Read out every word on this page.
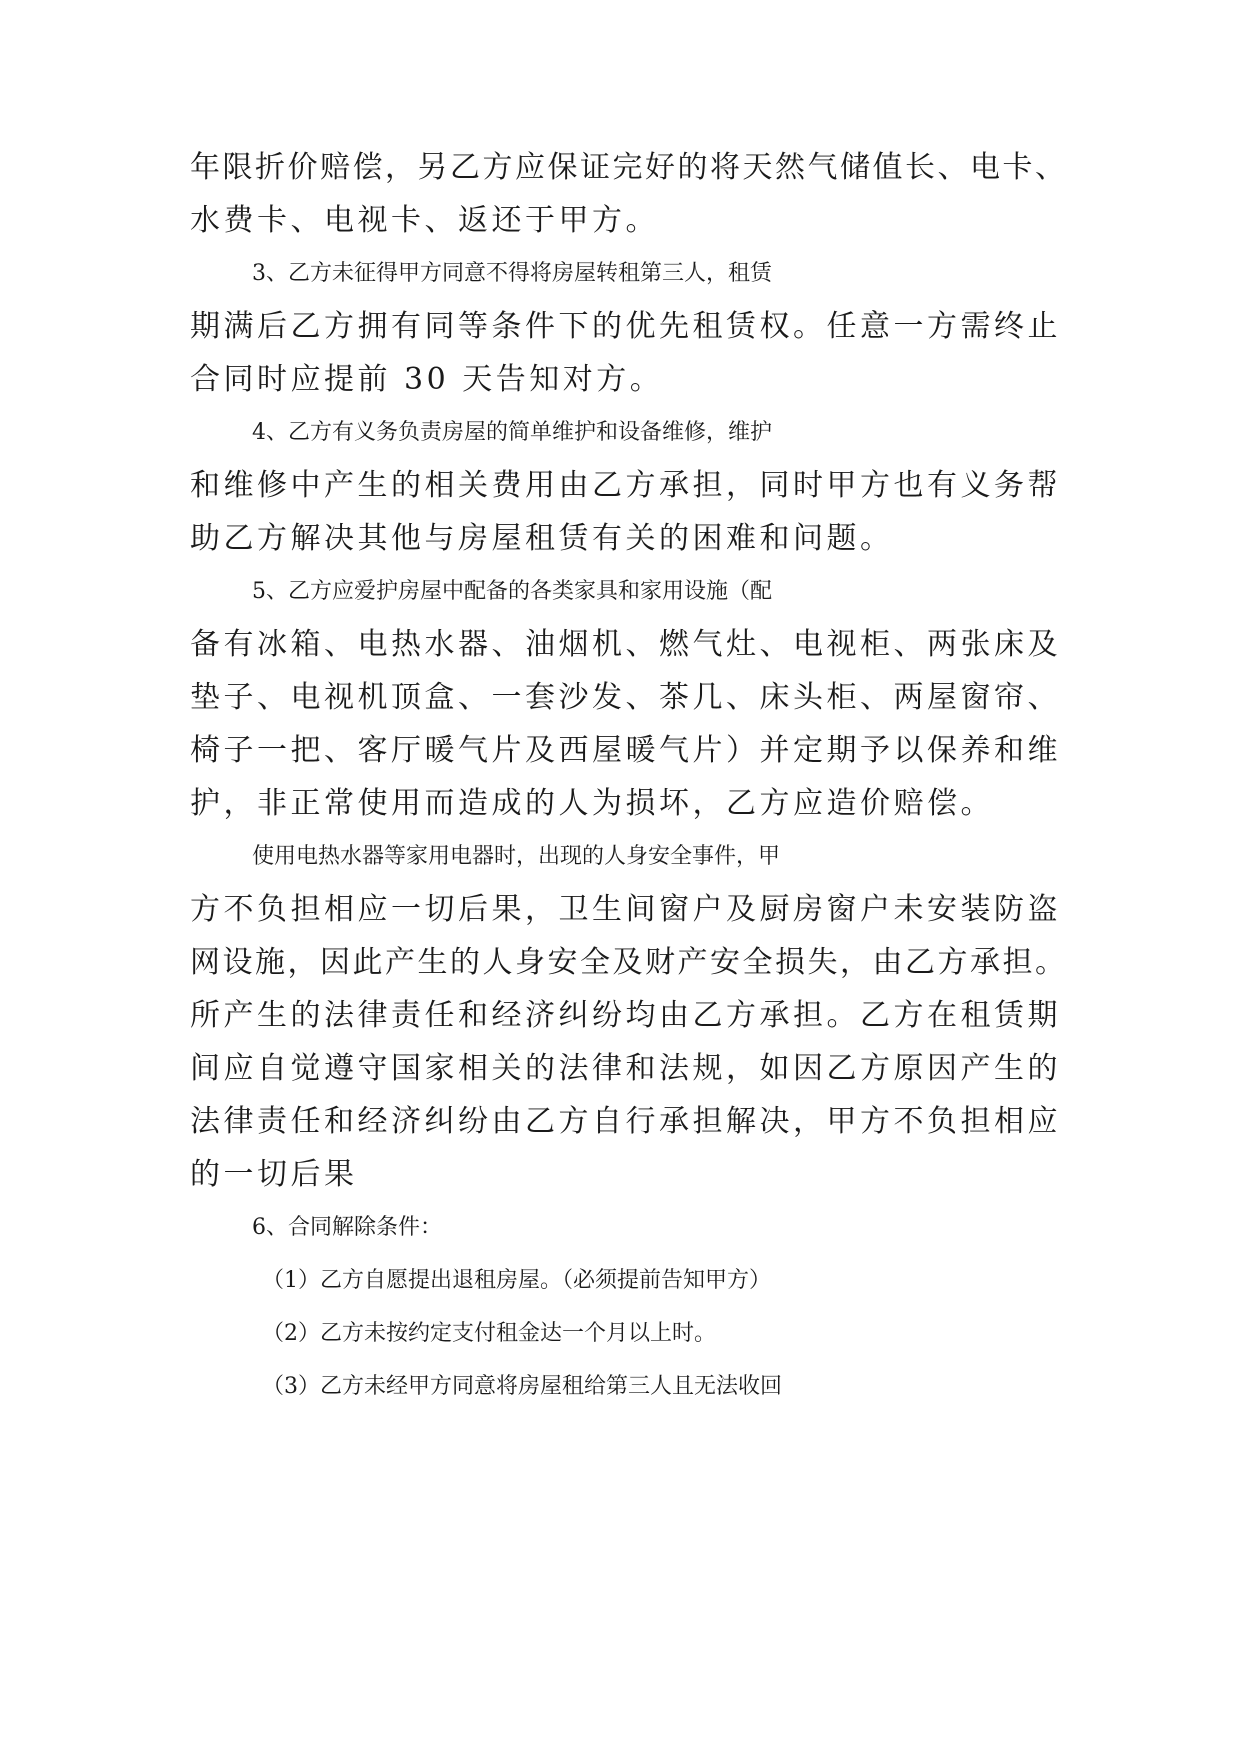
年限折价赔偿，另乙方应保证完好的将天然气储值长、电卡、
水费卡、电视卡、返还于甲方。
3、乙方未征得甲方同意不得将房屋转租第三人，租赁
期满后乙方拥有同等条件下的优先租赁权。任意一方需终止
合同时应提前 30 天告知对方。
4、乙方有义务负责房屋的简单维护和设备维修，维护
和维修中产生的相关费用由乙方承担，同时甲方也有义务帮
助乙方解决其他与房屋租赁有关的困难和问题。
5、乙方应爱护房屋中配备的各类家具和家用设施（配
备有冰箱、电热水器、油烟机、燃气灶、电视柜、两张床及
垫子、电视机顶盒、一套沙发、茶几、床头柜、两屋窗帘、
椅子一把、客厅暖气片及西屋暖气片）并定期予以保养和维
护，非正常使用而造成的人为损坏，乙方应造价赔偿。
使用电热水器等家用电器时，出现的人身安全事件，甲
方不负担相应一切后果，卫生间窗户及厨房窗户未安装防盗
网设施，因此产生的人身安全及财产安全损失，由乙方承担。
所产生的法律责任和经济纠纷均由乙方承担。乙方在租赁期
间应自觉遵守国家相关的法律和法规，如因乙方原因产生的
法律责任和经济纠纷由乙方自行承担解决，甲方不负担相应
的一切后果
6、合同解除条件：
（1）乙方自愿提出退租房屋。（必须提前告知甲方）
（2）乙方未按约定支付租金达一个月以上时。
（3）乙方未经甲方同意将房屋租给第三人且无法收回
